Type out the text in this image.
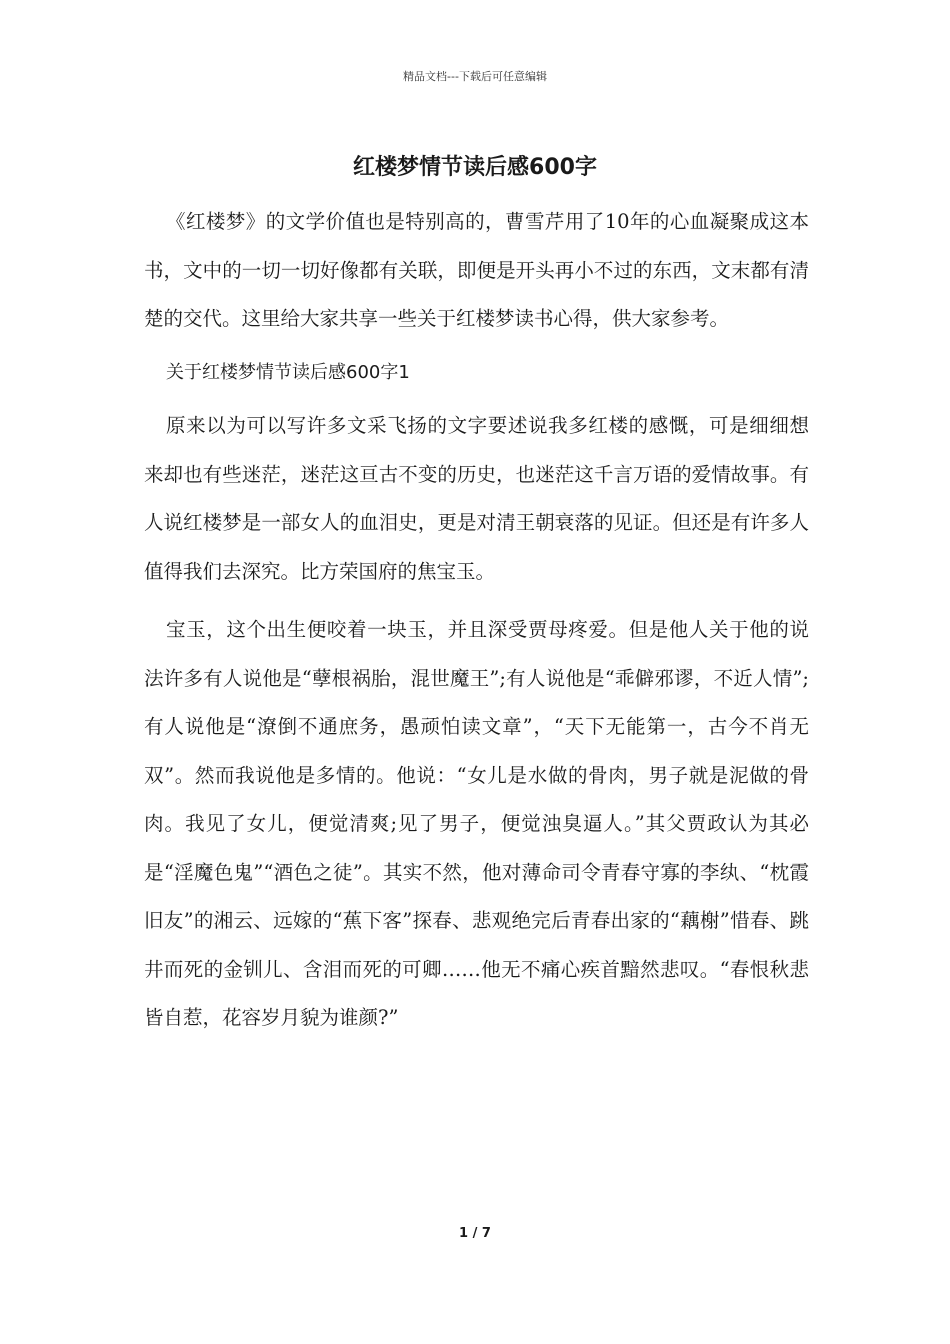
精品文档---下载后可任意编辑
红楼梦情节读后感600字

《红楼梦》的文学价值也是特别高的，曹雪芹用了10年的心血凝聚成这本书，文中的一切一切好像都有关联，即便是开头再小不过的东西，文末都有清楚的交代。这里给大家共享一些关于红楼梦读书心得，供大家参考。

关于红楼梦情节读后感600字1

原来以为可以写许多文采飞扬的文字要述说我多红楼的感慨，可是细细想来却也有些迷茫，迷茫这亘古不变的历史，也迷茫这千言万语的爱情故事。有人说红楼梦是一部女人的血泪史，更是对清王朝衰落的见证。但还是有许多人值得我们去深究。比方荣国府的焦宝玉。

宝玉，这个出生便咬着一块玉，并且深受贾母疼爱。但是他人关于他的说法许多有人说他是“孽根祸胎，混世魔王”;有人说他是“乖僻邪谬，不近人情”;有人说他是“潦倒不通庶务，愚顽怕读文章”，“天下无能第一，古今不肖无双”。然而我说他是多情的。他说：“女儿是水做的骨肉，男子就是泥做的骨肉。我见了女儿，便觉清爽;见了男子，便觉浊臭逼人。”其父贾政认为其必是“淫魔色鬼”“酒色之徒”。其实不然，他对薄命司令青春守寡的李纨、“枕霞旧友”的湘云、远嫁的“蕉下客”探春、悲观绝完后青春出家的“藕榭”惜春、跳井而死的金钏儿、含泪而死的可卿……他无不痛心疾首黯然悲叹。“春恨秋悲皆自惹，花容岁月貌为谁颜?”

1 / 7
